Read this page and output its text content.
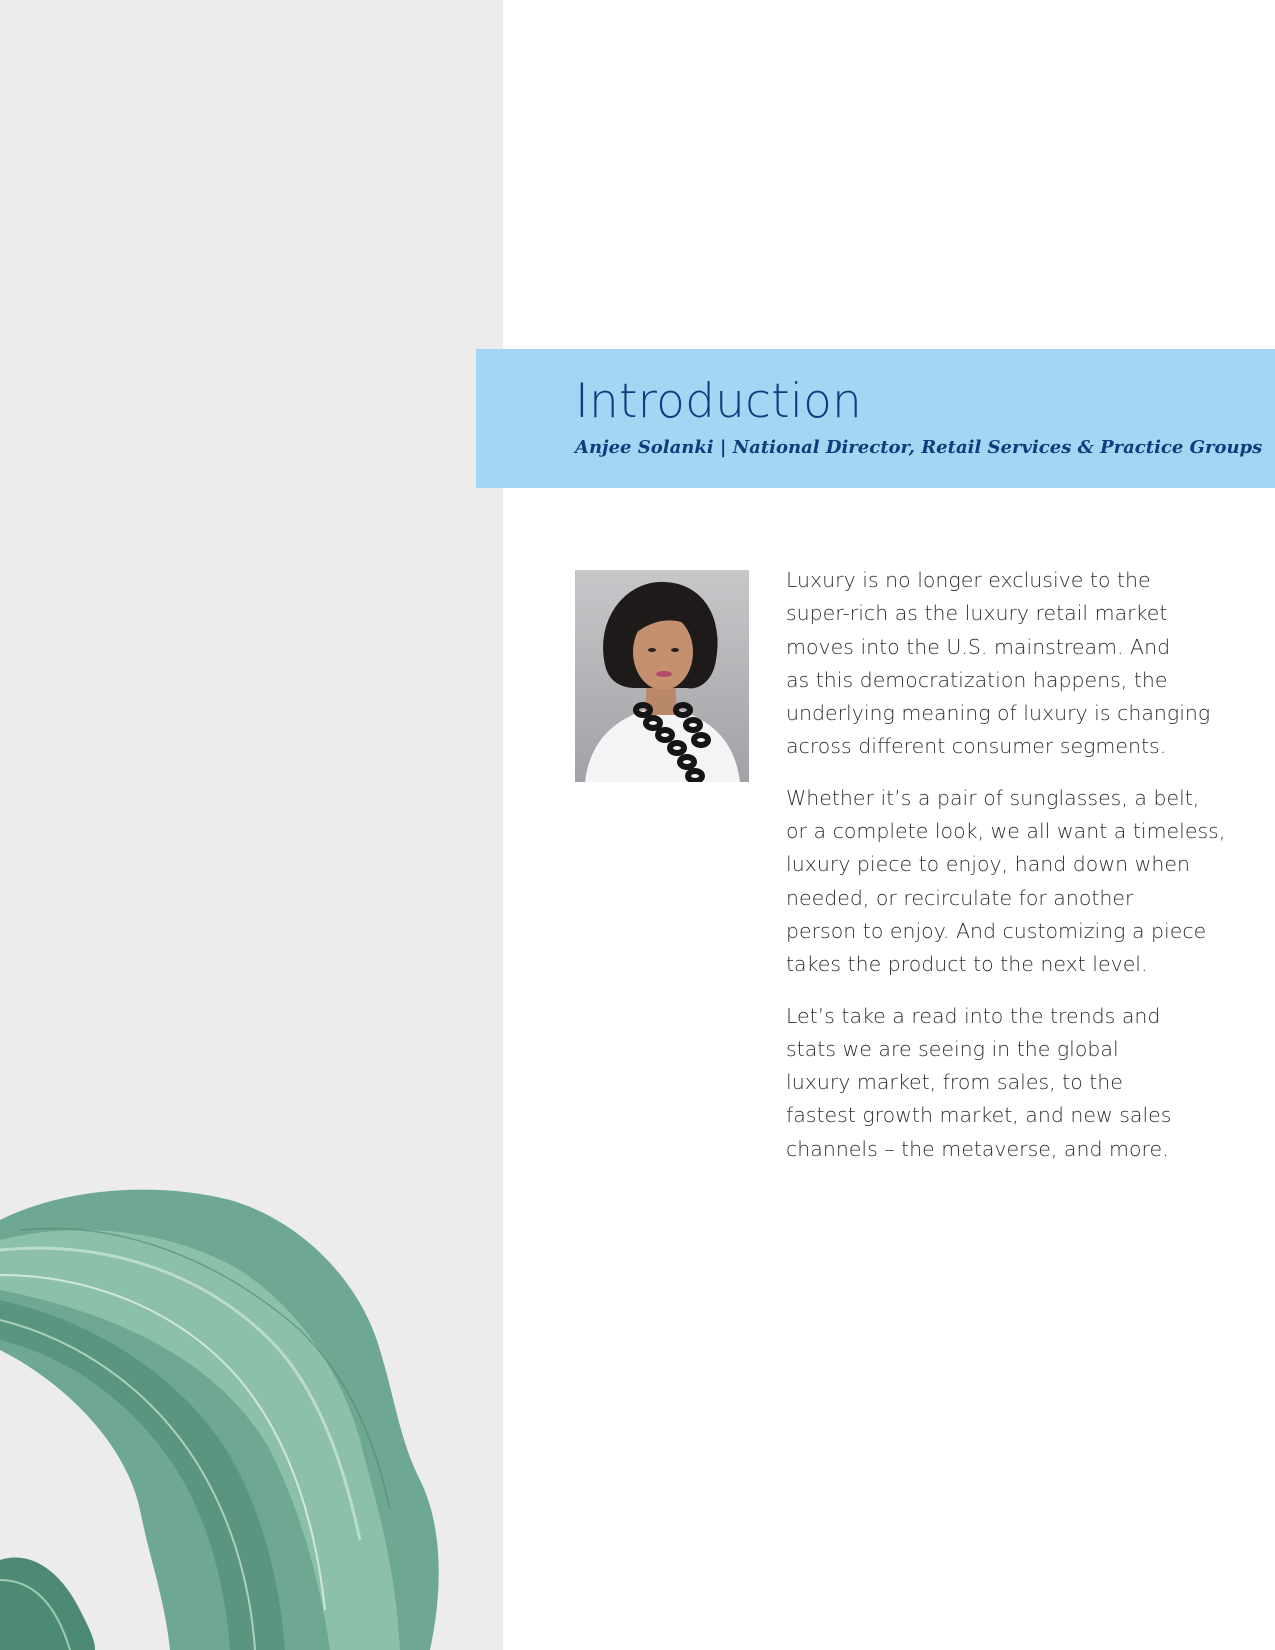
Introduction

Anjee Solanki | National Director, Retail Services & Practice Groups

Luxury is no longer exclusive to the
super-rich as the luxury retail market
moves into the U.S. mainstream. And
as this democratization happens, the
underlying meaning of luxury is changing
across different consumer segments.

Whether it’s a pair of sunglasses, a belt,
or a complete look, we all want a timeless,
luxury piece to enjoy, hand down when
needed, or recirculate for another
person to enjoy. And customizing a piece
takes the product to the next level.

Let’s take a read into the trends and
stats we are seeing in the global
luxury market, from sales, to the
fastest growth market, and new sales
channels – the metaverse, and more.
